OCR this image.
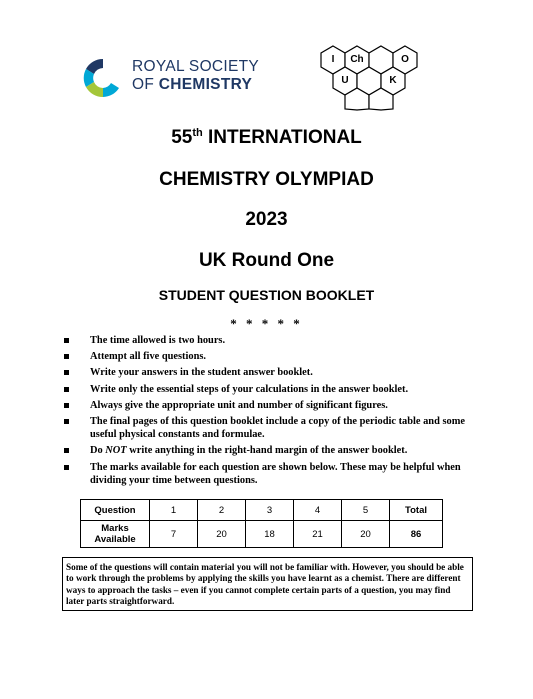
ROYAL SOCIETY
OF CHEMISTRY
I	Ch	O
U	K
55th INTERNATIONAL
CHEMISTRY OLYMPIAD
2023
UK Round One
STUDENT QUESTION BOOKLET
* * * * *
The time allowed is two hours.
Attempt all five questions.
Write your answers in the student answer booklet.
Write only the essential steps of your calculations in the answer booklet.
Always give the appropriate unit and number of significant figures.
The final pages of this question booklet include a copy of the periodic table and some useful physical constants and formulae.
Do NOT write anything in the right-hand margin of the answer booklet.
The marks available for each question are shown below. These may be helpful when dividing your time between questions.
Question	1	2	3	4	5	Total
Marks
Available	7	20	18	21	20	86
Some of the questions will contain material you will not be familiar with. However, you should be able to work through the problems by applying the skills you have learnt as a chemist. There are different ways to approach the tasks – even if you cannot complete certain parts of a question, you may find later parts straightforward.
